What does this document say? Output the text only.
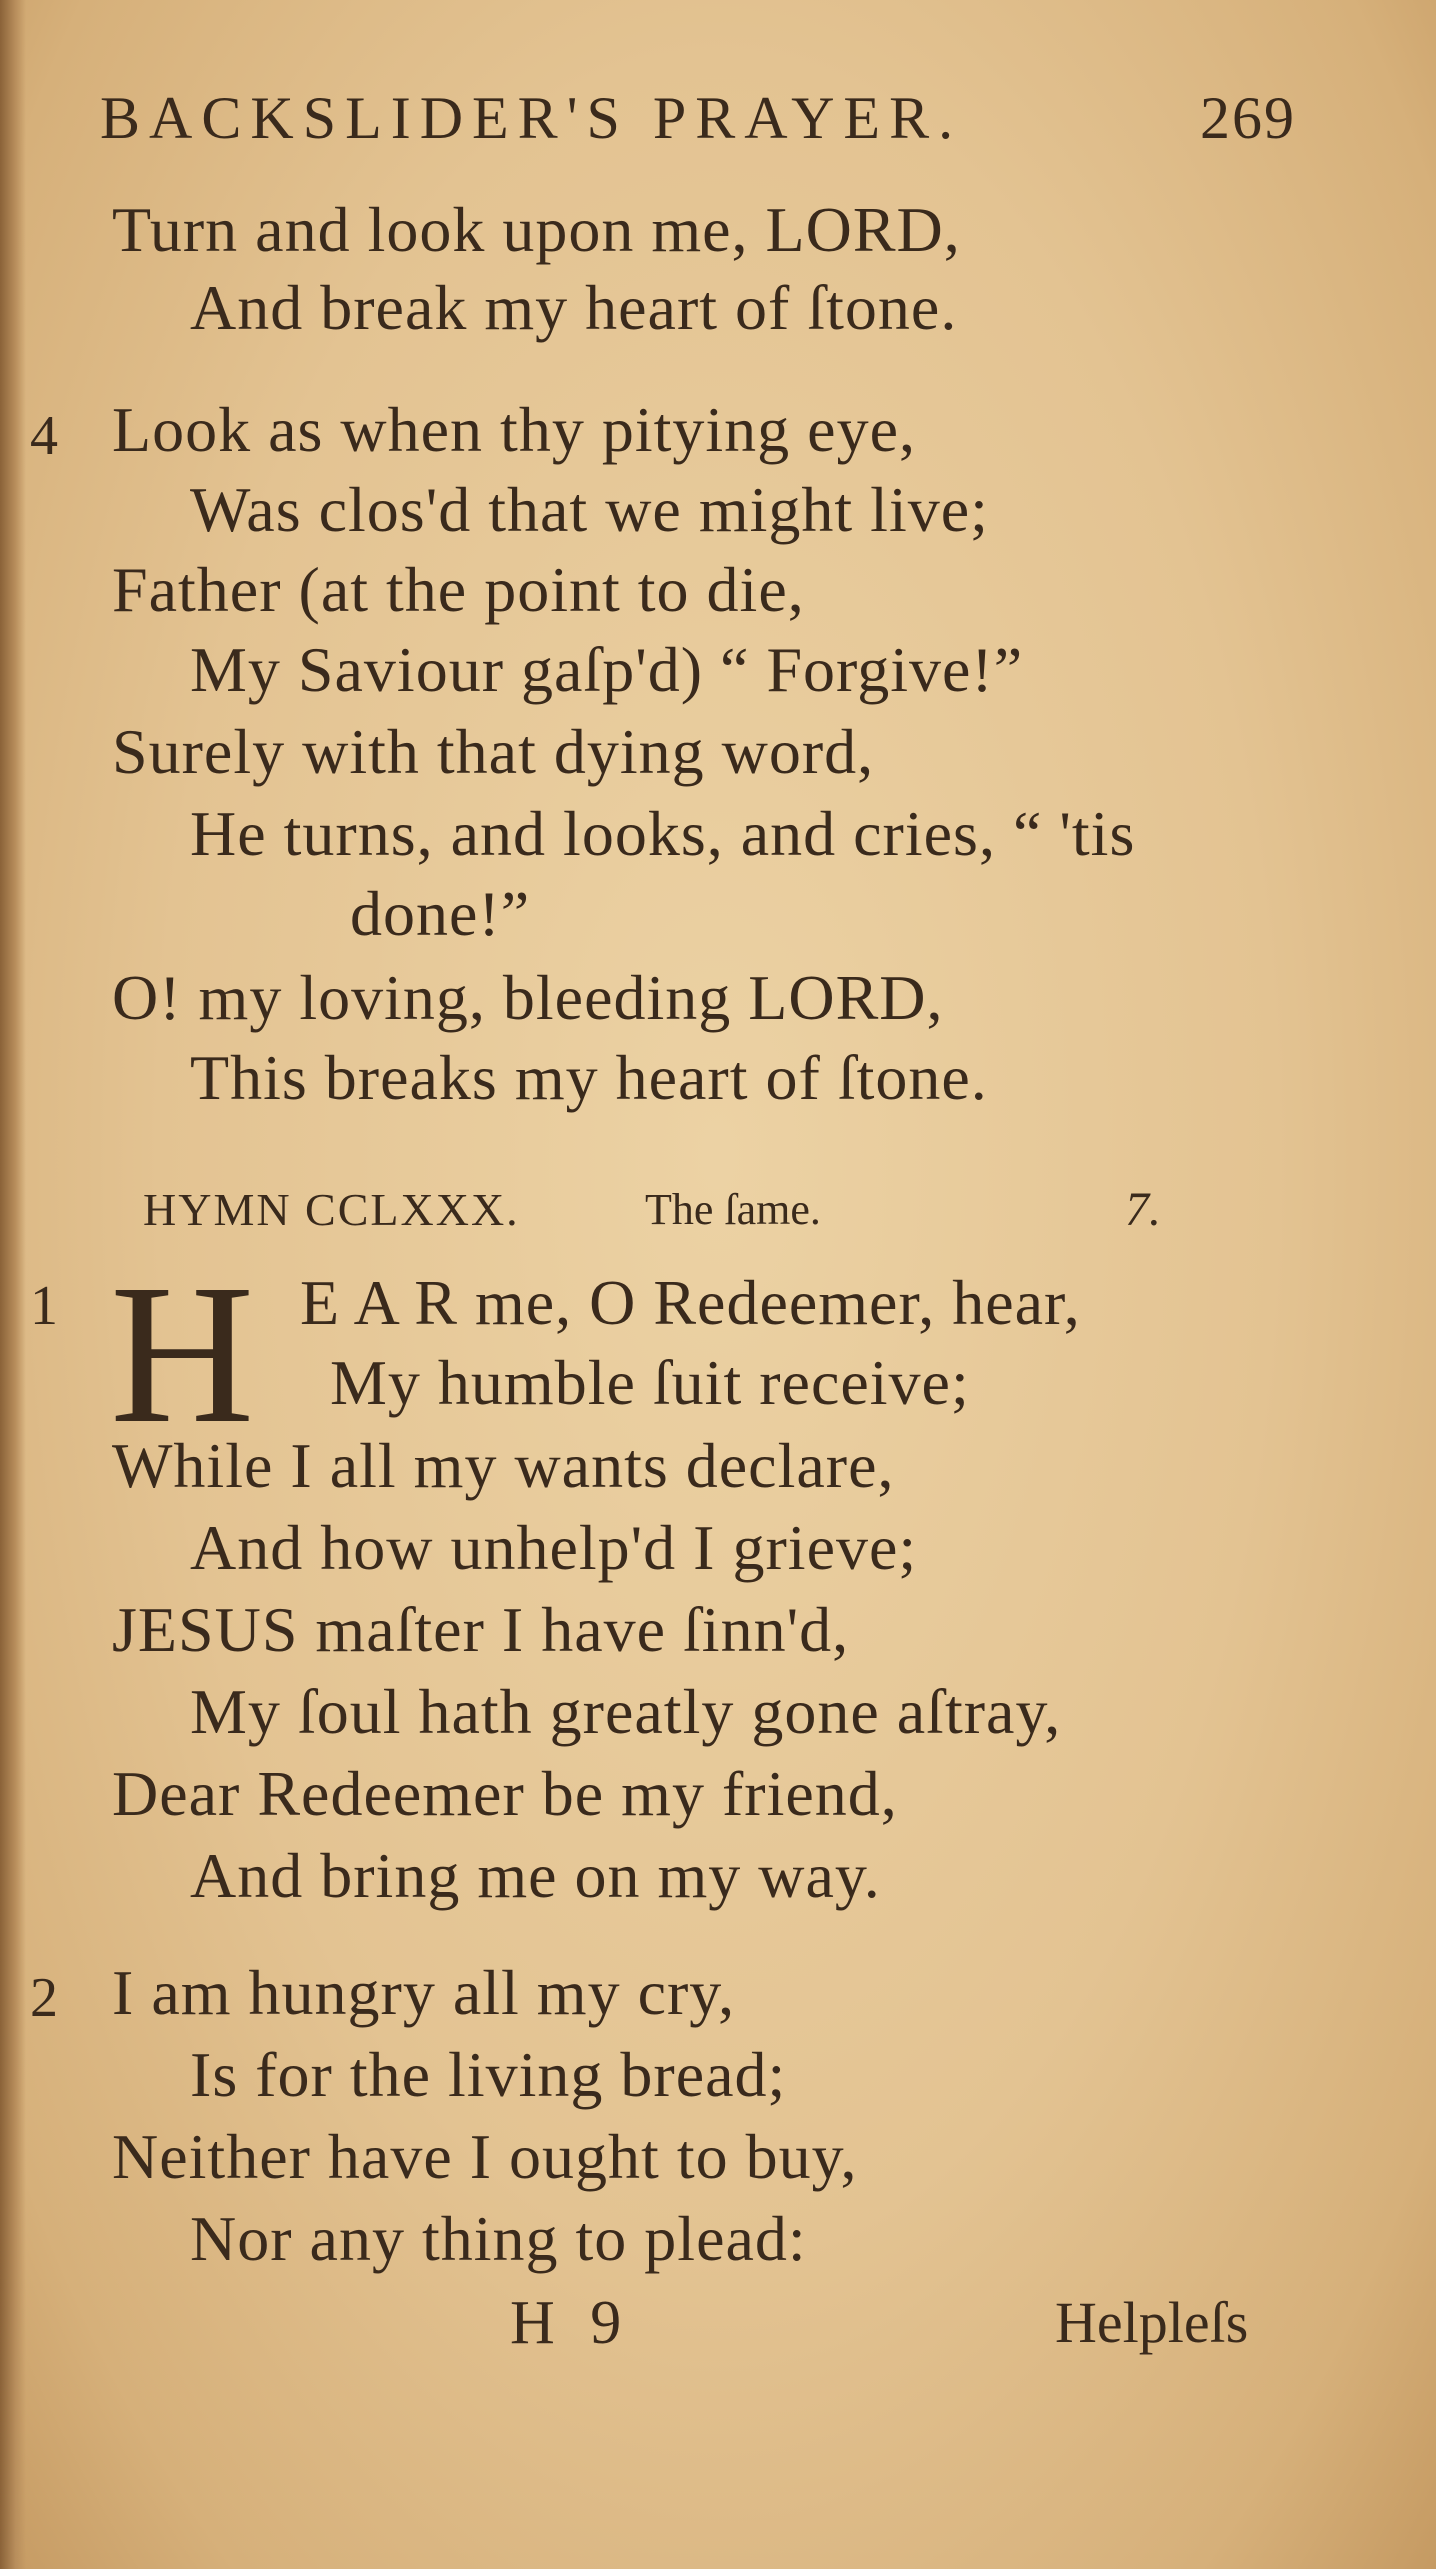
BACKSLIDER'S PRAYER.	269
Turn and look upon me, LORD,
And break my heart of ſtone.
4 Look as when thy pitying eye,
Was clos'd that we might live;
Father (at the point to die,
My Saviour gaſp'd) “ Forgive!”
Surely with that dying word,
He turns, and looks, and cries, “ 'tis
done!”
O! my loving, bleeding LORD,
This breaks my heart of ſtone.
HYMN CCLXXX.	The ſame.	7.
1 H E A R me, O Redeemer, hear,
My humble ſuit receive;
While I all my wants declare,
And how unhelp'd I grieve;
JESUS maſter I have ſinn'd,
My ſoul hath greatly gone aſtray,
Dear Redeemer be my friend,
And bring me on my way.
2 I am hungry all my cry,
Is for the living bread;
Neither have I ought to buy,
Nor any thing to plead:
H 9	Helpleſs
